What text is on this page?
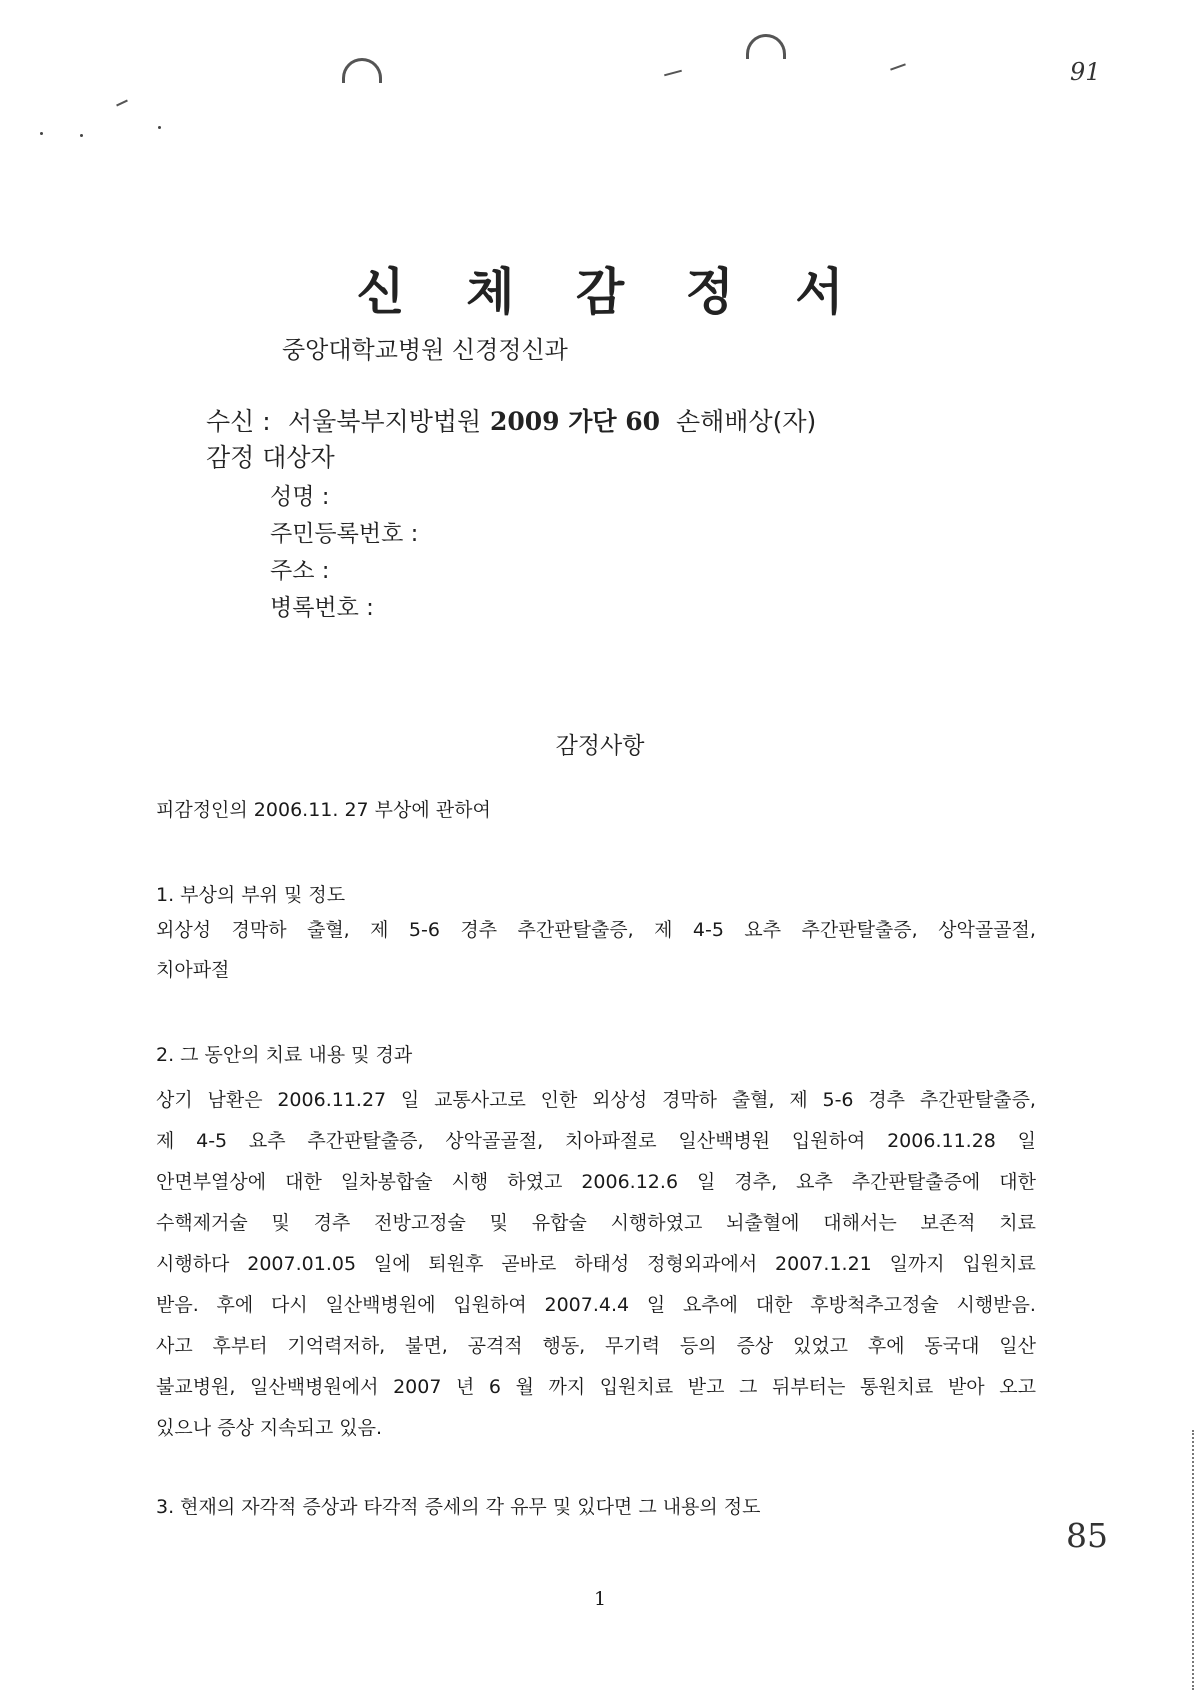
91
신 체 감 정 서
중앙대학교병원 신경정신과
수신 : 서울북부지방법원 2009 가단 60 손해배상(자)
감정 대상자
성명 :
주민등록번호 :
주소 :
병록번호 :
감정사항
피감정인의 2006.11. 27 부상에 관하여
1. 부상의 부위 및 정도
외상성 경막하 출혈, 제 5-6 경추 추간판탈출증, 제 4-5 요추 추간판탈출증, 상악골골절,
치아파절
2. 그 동안의 치료 내용 및 경과
상기 남환은 2006.11.27 일 교통사고로 인한 외상성 경막하 출혈, 제 5-6 경추 추간판탈출증,
제 4-5 요추 추간판탈출증, 상악골골절, 치아파절로 일산백병원 입원하여 2006.11.28 일
안면부열상에 대한 일차봉합술 시행 하였고 2006.12.6 일 경추, 요추 추간판탈출증에 대한
수핵제거술 및 경추 전방고정술 및 유합술 시행하였고 뇌출혈에 대해서는 보존적 치료
시행하다 2007.01.05 일에 퇴원후 곧바로 하태성 정형외과에서 2007.1.21 일까지 입원치료
받음. 후에 다시 일산백병원에 입원하여 2007.4.4 일 요추에 대한 후방척추고정술 시행받음.
사고 후부터 기억력저하, 불면, 공격적 행동, 무기력 등의 증상 있었고 후에 동국대 일산
불교병원, 일산백병원에서 2007 년 6 월 까지 입원치료 받고 그 뒤부터는 통원치료 받아 오고
있으나 증상 지속되고 있음.
3. 현재의 자각적 증상과 타각적 증세의 각 유무 및 있다면 그 내용의 정도
85
1
